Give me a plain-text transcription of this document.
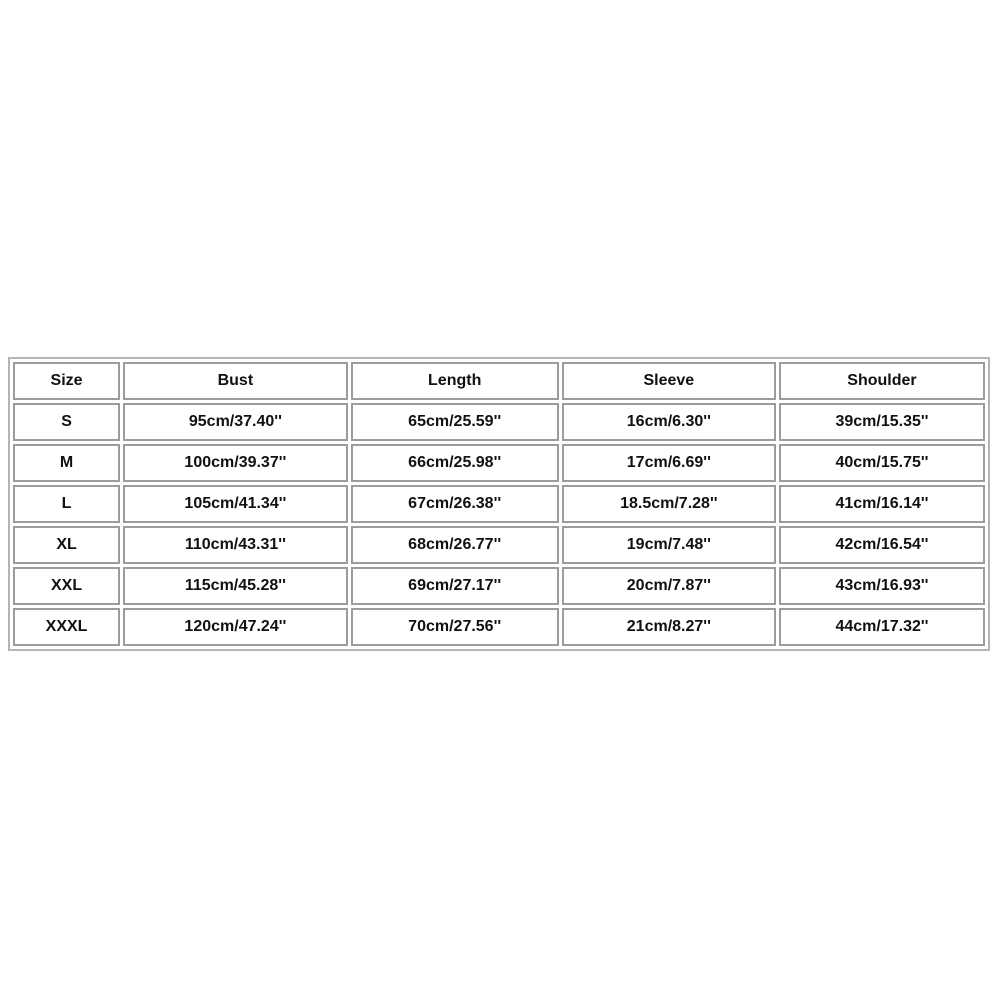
Size	Bust	Length	Sleeve	Shoulder
S	95cm/37.40''	65cm/25.59''	16cm/6.30''	39cm/15.35''
M	100cm/39.37''	66cm/25.98''	17cm/6.69''	40cm/15.75''
L	105cm/41.34''	67cm/26.38''	18.5cm/7.28''	41cm/16.14''
XL	110cm/43.31''	68cm/26.77''	19cm/7.48''	42cm/16.54''
XXL	115cm/45.28''	69cm/27.17''	20cm/7.87''	43cm/16.93''
XXXL	120cm/47.24''	70cm/27.56''	21cm/8.27''	44cm/17.32''
